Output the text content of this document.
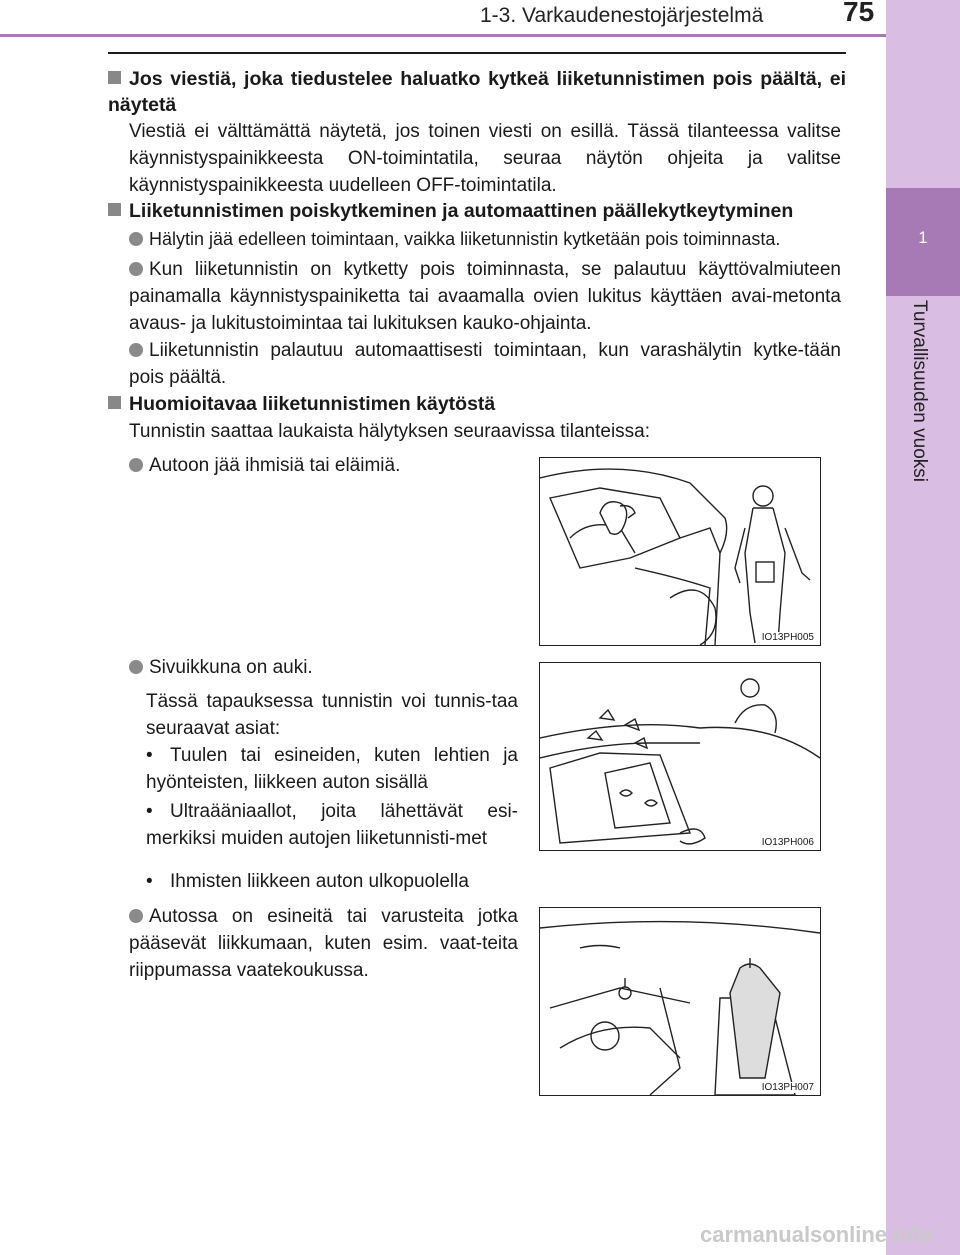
1-3. Varkaudenestojärjestelmä	75
1
Turvallisuuden vuoksi
Jos viestiä, joka tiedustelee haluatko kytkeä liiketunnistimen pois päältä, ei näytetä
Viestiä ei välttämättä näytetä, jos toinen viesti on esillä. Tässä tilanteessa valitse käynnistyspainikkeesta ON-toimintatila, seuraa näytön ohjeita ja valitse käynnistyspainikkeesta uudelleen OFF-toimintatila.
Liiketunnistimen poiskytkeminen ja automaattinen päällekytkeytyminen
Hälytin jää edelleen toimintaan, vaikka liiketunnistin kytketään pois toiminnasta.
Kun liiketunnistin on kytketty pois toiminnasta, se palautuu käyttövalmiuteen painamalla käynnistyspainiketta tai avaamalla ovien lukitus käyttäen avai-metonta avaus- ja lukitustoimintaa tai lukituksen kauko-ohjainta.
Liiketunnistin palautuu automaattisesti toimintaan, kun varashälytin kytke-tään pois päältä.
Huomioitavaa liiketunnistimen käytöstä
Tunnistin saattaa laukaista hälytyksen seuraavissa tilanteissa:
Autoon jää ihmisiä tai eläimiä.
Sivuikkuna on auki.
Tässä tapauksessa tunnistin voi tunnis-taa seuraavat asiat:
• Tuulen tai esineiden, kuten lehtien ja hyönteisten, liikkeen auton sisällä
• Ultraääniaallot, joita lähettävät esi-merkiksi muiden autojen liiketunnisti-met
• Ihmisten liikkeen auton ulkopuolella
Autossa on esineitä tai varusteita jotka pääsevät liikkumaan, kuten esim. vaat-teita riippumassa vaatekoukussa.
IO13PH005
IO13PH006
IO13PH007
carmanualsonline.info
